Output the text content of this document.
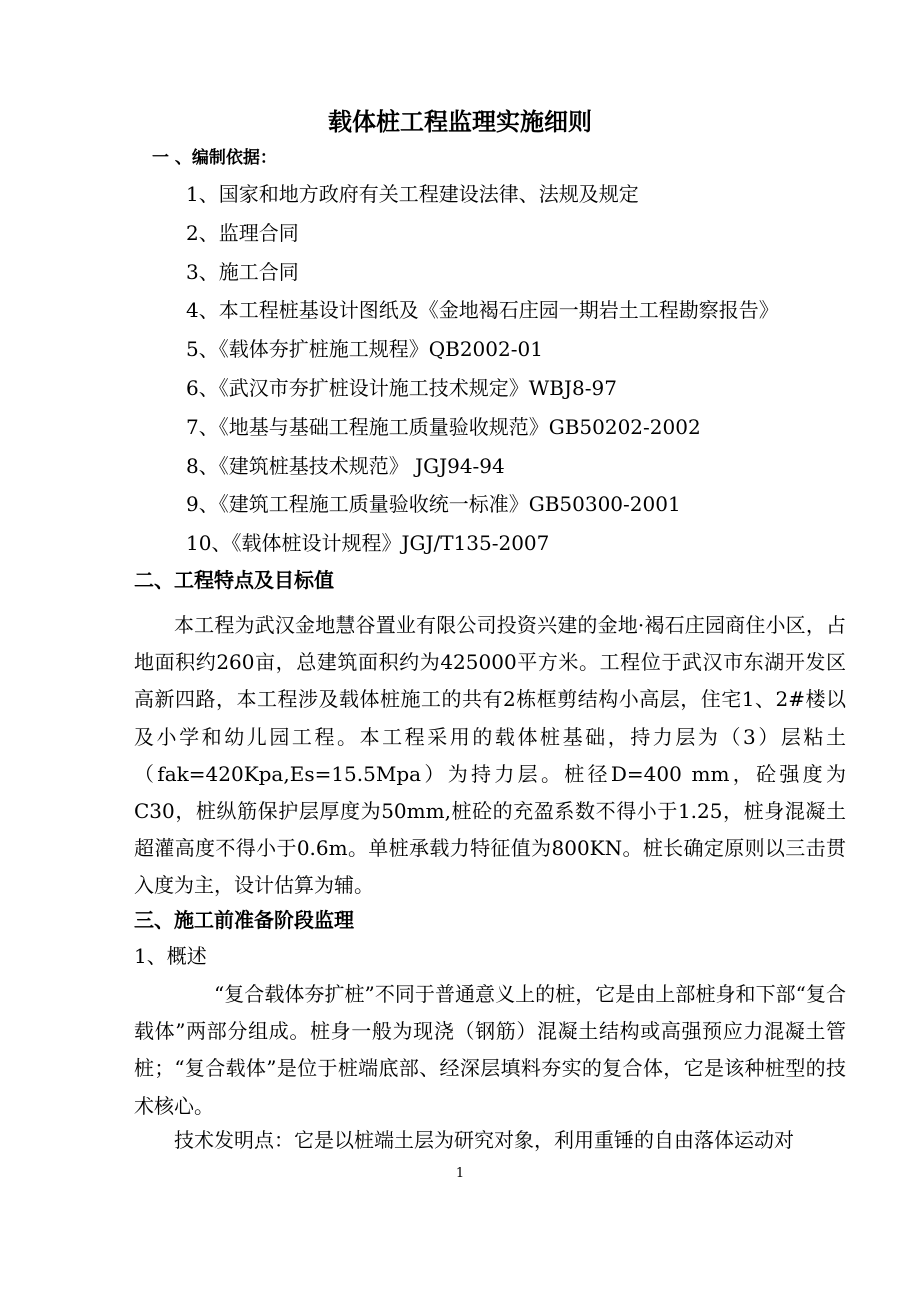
载体桩工程监理实施细则
一 、编制依据：
1、国家和地方政府有关工程建设法律、法规及规定
2、监理合同
3、施工合同
4、本工程桩基设计图纸及《金地褐石庄园一期岩土工程勘察报告》
5、《载体夯扩桩施工规程》QB2002-01
6、《武汉市夯扩桩设计施工技术规定》WBJ8-97
7、《地基与基础工程施工质量验收规范》GB50202-2002
8、《建筑桩基技术规范》 JGJ94-94
9、《建筑工程施工质量验收统一标准》GB50300-2001
10、《载体桩设计规程》JGJ/T135-2007
二、工程特点及目标值

本工程为武汉金地慧谷置业有限公司投资兴建的金地·褐石庄园商住小区，占地面积约260亩，总建筑面积约为425000平方米。工程位于武汉市东湖开发区高新四路，本工程涉及载体桩施工的共有2栋框剪结构小高层，住宅1、2#楼以及小学和幼儿园工程。本工程采用的载体桩基础，持力层为（3）层粘土（fak=420Kpa,Es=15.5Mpa）为持力层。桩径D=400 mm，砼强度为C30，桩纵筋保护层厚度为50mm,桩砼的充盈系数不得小于1.25，桩身混凝土超灌高度不得小于0.6m。单桩承载力特征值为800KN。桩长确定原则以三击贯入度为主，设计估算为辅。

三、施工前准备阶段监理
1、概述

“复合载体夯扩桩”不同于普通意义上的桩，它是由上部桩身和下部“复合载体”两部分组成。桩身一般为现浇（钢筋）混凝土结构或高强预应力混凝土管桩；“复合载体”是位于桩端底部、经深层填料夯实的复合体，它是该种桩型的技术核心。

技术发明点：它是以桩端土层为研究对象，利用重锤的自由落体运动对

1
